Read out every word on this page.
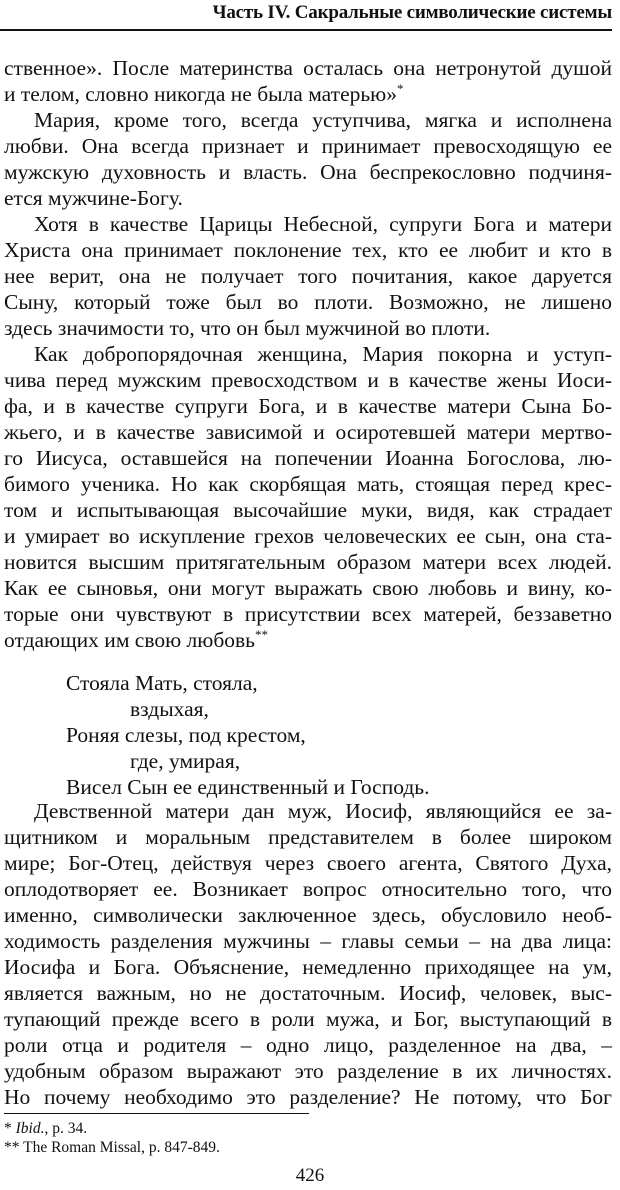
Часть IV. Сакральные символические системы
ственное». После материнства осталась она нетронутой душой
и телом, словно никогда не была матерью»*
Мария, кроме того, всегда уступчива, мягка и исполнена
любви. Она всегда признает и принимает превосходящую ее
мужскую духовность и власть. Она беспрекословно подчиня-
ется мужчине-Богу.
Хотя в качестве Царицы Небесной, супруги Бога и матери
Христа она принимает поклонение тех, кто ее любит и кто в
нее верит, она не получает того почитания, какое даруется
Сыну, который тоже был во плоти. Возможно, не лишено
здесь значимости то, что он был мужчиной во плоти.
Как добропорядочная женщина, Мария покорна и уступ-
чива перед мужским превосходством и в качестве жены Иоси-
фа, и в качестве супруги Бога, и в качестве матери Сына Бо-
жьего, и в качестве зависимой и осиротевшей матери мертво-
го Иисуса, оставшейся на попечении Иоанна Богослова, лю-
бимого ученика. Но как скорбящая мать, стоящая перед крес-
том и испытывающая высочайшие муки, видя, как страдает
и умирает во искупление грехов человеческих ее сын, она ста-
новится высшим притягательным образом матери всех людей.
Как ее сыновья, они могут выражать свою любовь и вину, ко-
торые они чувствуют в присутствии всех матерей, беззаветно
отдающих им свою любовь**
Стояла Мать, стояла,
вздыхая,
Роняя слезы, под крестом,
где, умирая,
Висел Сын ее единственный и Господь.
Девственной матери дан муж, Иосиф, являющийся ее за-
щитником и моральным представителем в более широком
мире; Бог-Отец, действуя через своего агента, Святого Духа,
оплодотворяет ее. Возникает вопрос относительно того, что
именно, символически заключенное здесь, обусловило необ-
ходимость разделения мужчины – главы семьи – на два лица:
Иосифа и Бога. Объяснение, немедленно приходящее на ум,
является важным, но не достаточным. Иосиф, человек, выс-
тупающий прежде всего в роли мужа, и Бог, выступающий в
роли отца и родителя – одно лицо, разделенное на два, –
удобным образом выражают это разделение в их личностях.
* Ibid., p. 34.
** The Roman Missal, p. 847-849.
426
Но почему необходимо это разделение? Не потому, что Бог
